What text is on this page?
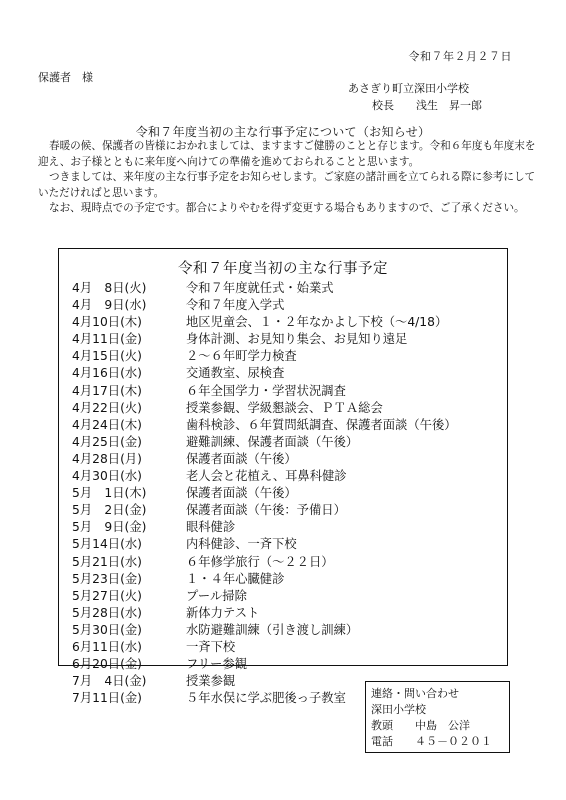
令和７年２月２７日
保護者　様
あさぎり町立深田小学校
校長　　浅生　昇一郎
令和７年度当初の主な行事予定について（お知らせ）

春暖の候、保護者の皆様におかれましては、ますますご健勝のことと存じます。令和６年度も年度末を迎え、お子様とともに来年度へ向けての準備を進めておられることと思います。

つきましては、来年度の主な行事予定をお知らせします。ご家庭の諸計画を立てられる際に参考にしていただければと思います。

なお、現時点での予定です。都合によりやむを得ず変更する場合もありますので、ご了承ください。

令和７年度当初の主な行事予定
4月　8日(火)	令和７年度就任式・始業式
4月　9日(水)	令和７年度入学式
4月10日(木)	地区児童会、１・２年なかよし下校（～4/18）
4月11日(金)	身体計測、お見知り集会、お見知り遠足
4月15日(火)	２～６年町学力検査
4月16日(水)	交通教室、尿検査
4月17日(木)	６年全国学力・学習状況調査
4月22日(火)	授業参観、学級懇談会、ＰＴＡ総会
4月24日(木)	歯科検診、６年質問紙調査、保護者面談（午後）
4月25日(金)	避難訓練、保護者面談（午後）
4月28日(月)	保護者面談（午後）
4月30日(水)	老人会と花植え、耳鼻科健診
5月　1日(木)	保護者面談（午後）
5月　2日(金)	保護者面談（午後：予備日）
5月　9日(金)	眼科健診
5月14日(水)	内科健診、一斉下校
5月21日(水)	６年修学旅行（～２２日）
5月23日(金)	１・４年心臓健診
5月27日(火)	プール掃除
5月28日(水)	新体力テスト
5月30日(金)	水防避難訓練（引き渡し訓練）
6月11日(水)	一斉下校
6月20日(金)	フリー参観
7月　4日(金)	授業参観
7月11日(金)	５年水俣に学ぶ肥後っ子教室 連絡・問い合わせ
深田小学校
教頭　　中島　公洋
電話　　４５－０２０１
